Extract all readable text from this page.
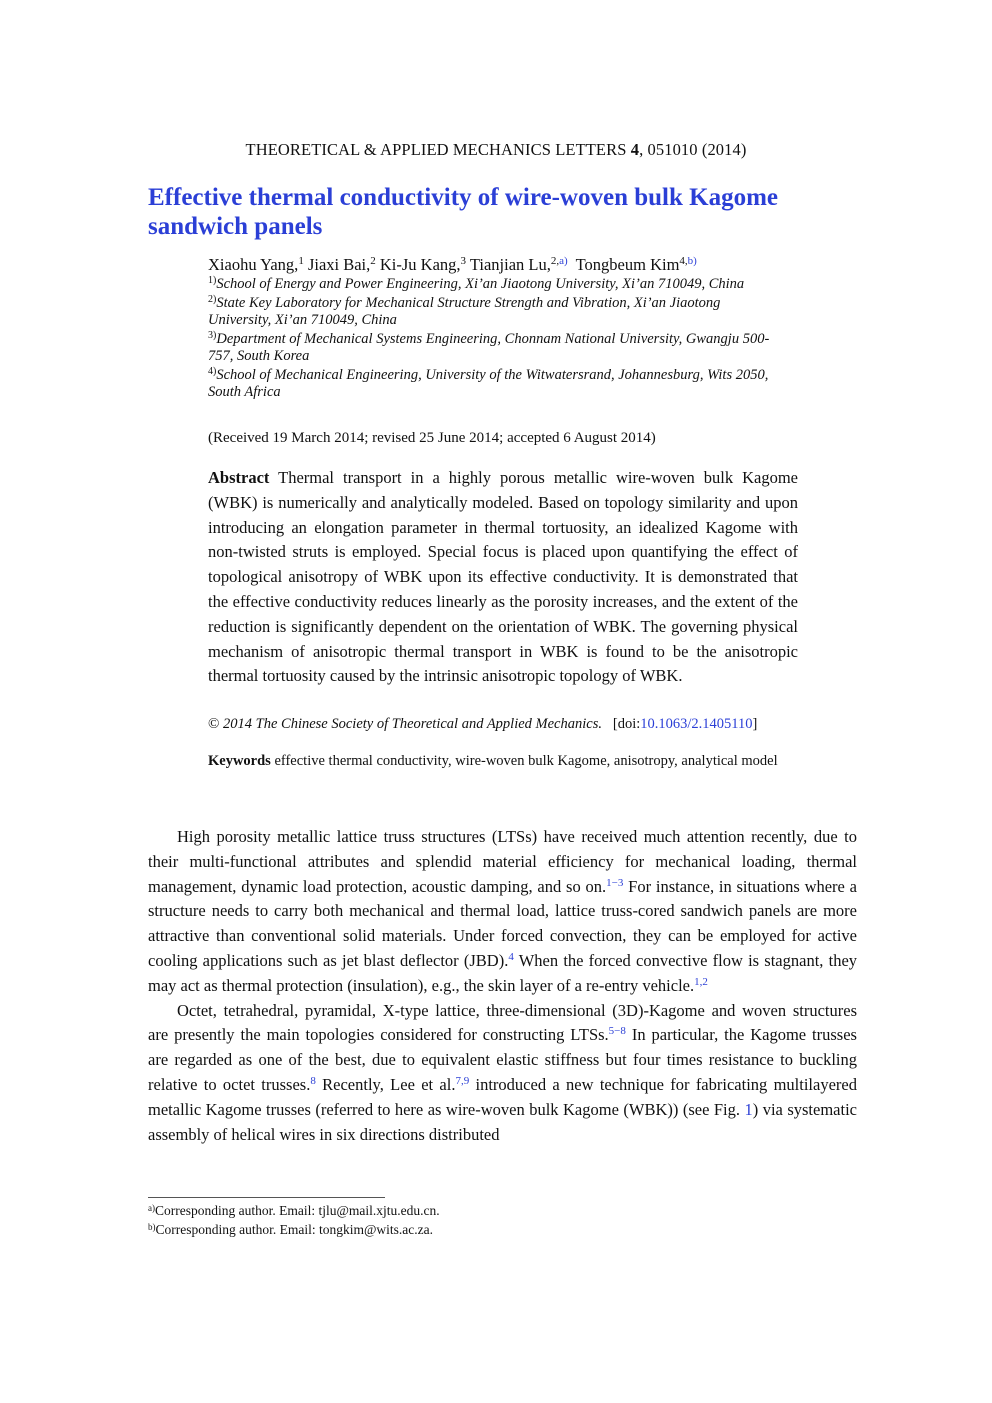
THEORETICAL & APPLIED MECHANICS LETTERS 4, 051010 (2014)
Effective thermal conductivity of wire-woven bulk Kagome sandwich panels
Xiaohu Yang,$^1$ Jiaxi Bai,$^2$ Ki-Ju Kang,$^3$ Tianjian Lu,$^{2,a)}$ Tongbeum Kim$^{4,b)}$
$^{1)}$School of Energy and Power Engineering, Xi’an Jiaotong University, Xi’an 710049, China
$^{2)}$State Key Laboratory for Mechanical Structure Strength and Vibration, Xi’an Jiaotong University, Xi’an 710049, China
$^{3)}$Department of Mechanical Systems Engineering, Chonnam National University, Gwangju 500-757, South Korea
$^{4)}$School of Mechanical Engineering, University of the Witwatersrand, Johannesburg, Wits 2050, South Africa
(Received 19 March 2014; revised 25 June 2014; accepted 6 August 2014)
Abstract Thermal transport in a highly porous metallic wire-woven bulk Kagome (WBK) is numerically and analytically modeled. Based on topology similarity and upon introducing an elongation parameter in thermal tortuosity, an idealized Kagome with non-twisted struts is employed. Special focus is placed upon quantifying the effect of topological anisotropy of WBK upon its effective conductivity. It is demonstrated that the effective conductivity reduces linearly as the porosity increases, and the extent of the reduction is significantly dependent on the orientation of WBK. The governing physical mechanism of anisotropic thermal transport in WBK is found to be the anisotropic thermal tortuosity caused by the intrinsic anisotropic topology of WBK.
© 2014 The Chinese Society of Theoretical and Applied Mechanics. [doi:10.1063/2.1405110]
Keywords effective thermal conductivity, wire-woven bulk Kagome, anisotropy, analytical model

High porosity metallic lattice truss structures (LTSs) have received much attention recently, due to their multi-functional attributes and splendid material efficiency for mechanical loading, thermal management, dynamic load protection, acoustic damping, and so on.$^{1-3}$ For instance, in situations where a structure needs to carry both mechanical and thermal load, lattice truss-cored sandwich panels are more attractive than conventional solid materials. Under forced convection, they can be employed for active cooling applications such as jet blast deflector (JBD).$^4$ When the forced convective flow is stagnant, they may act as thermal protection (insulation), e.g., the skin layer of a re-entry vehicle.$^{1,2}$

Octet, tetrahedral, pyramidal, X-type lattice, three-dimensional (3D)-Kagome and woven structures are presently the main topologies considered for constructing LTSs.$^{5-8}$ In particular, the Kagome trusses are regarded as one of the best, due to equivalent elastic stiffness but four times resistance to buckling relative to octet trusses.$^8$ Recently, Lee et al.$^{7,9}$ introduced a new technique for fabricating multilayered metallic Kagome trusses (referred to here as wire-woven bulk Kagome (WBK)) (see Fig. 1) via systematic assembly of helical wires in six directions distributed

$^{a)}$Corresponding author. Email: tjlu@mail.xjtu.edu.cn.
$^{b)}$Corresponding author. Email: tongkim@wits.ac.za.
